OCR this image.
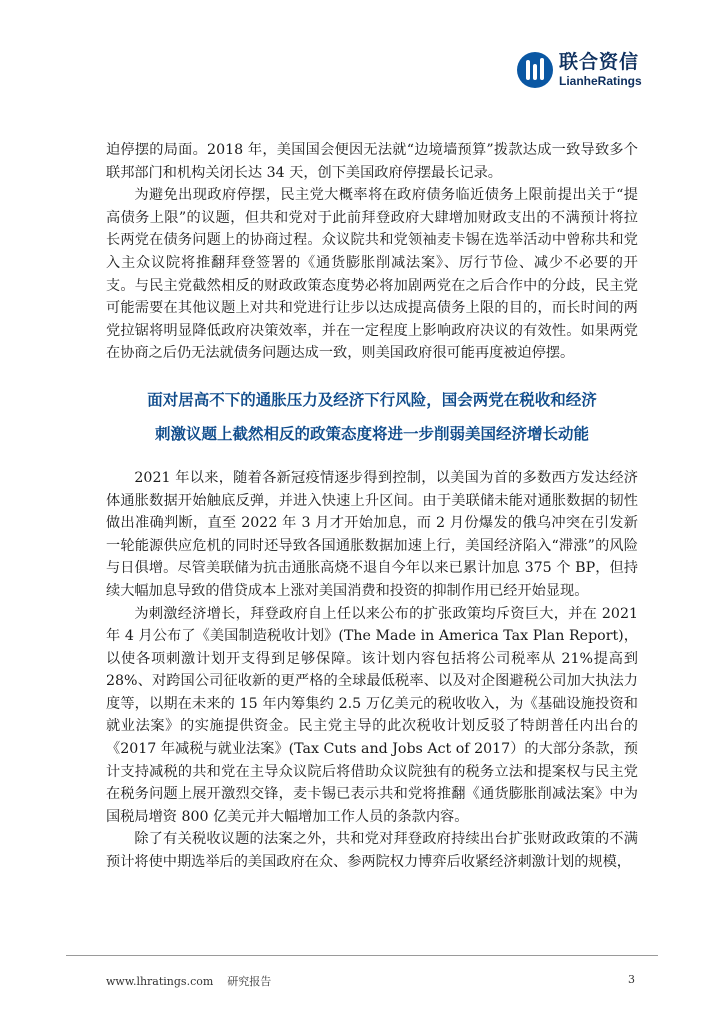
联合资信
LianheRatings

迫停摆的局面。2018 年，美国国会便因无法就“边境墙预算”拨款达成一致导致多个联邦部门和机构关闭长达 34 天，创下美国政府停摆最长记录。

为避免出现政府停摆，民主党大概率将在政府债务临近债务上限前提出关于“提高债务上限”的议题，但共和党对于此前拜登政府大肆增加财政支出的不满预计将拉长两党在债务问题上的协商过程。众议院共和党领袖麦卡锡在选举活动中曾称共和党入主众议院将推翻拜登签署的《通货膨胀削减法案》、厉行节俭、减少不必要的开支。与民主党截然相反的财政政策态度势必将加剧两党在之后合作中的分歧，民主党可能需要在其他议题上对共和党进行让步以达成提高债务上限的目的，而长时间的两党拉锯将明显降低政府决策效率，并在一定程度上影响政府决议的有效性。如果两党在协商之后仍无法就债务问题达成一致，则美国政府很可能再度被迫停摆。

面对居高不下的通胀压力及经济下行风险，国会两党在税收和经济
刺激议题上截然相反的政策态度将进一步削弱美国经济增长动能

2021 年以来，随着各新冠疫情逐步得到控制，以美国为首的多数西方发达经济体通胀数据开始触底反弹，并进入快速上升区间。由于美联储未能对通胀数据的韧性做出准确判断，直至 2022 年 3 月才开始加息，而 2 月份爆发的俄乌冲突在引发新一轮能源供应危机的同时还导致各国通胀数据加速上行，美国经济陷入“滞涨”的风险与日俱增。尽管美联储为抗击通胀高烧不退自今年以来已累计加息 375 个 BP，但持续大幅加息导致的借贷成本上涨对美国消费和投资的抑制作用已经开始显现。

为刺激经济增长，拜登政府自上任以来公布的扩张政策均斥资巨大，并在 2021 年 4 月公布了《美国制造税收计划》(The Made in America Tax Plan Report)，以使各项刺激计划开支得到足够保障。该计划内容包括将公司税率从 21%提高到 28%、对跨国公司征收新的更严格的全球最低税率、以及对企图避税公司加大执法力度等，以期在未来的 15 年内筹集约 2.5 万亿美元的税收收入，为《基础设施投资和就业法案》的实施提供资金。民主党主导的此次税收计划反驳了特朗普任内出台的《2017 年减税与就业法案》(Tax Cuts and Jobs Act of 2017）的大部分条款，预计支持减税的共和党在主导众议院后将借助众议院独有的税务立法和提案权与民主党在税务问题上展开激烈交锋，麦卡锡已表示共和党将推翻《通货膨胀削减法案》中为国税局增资 800 亿美元并大幅增加工作人员的条款内容。

除了有关税收议题的法案之外，共和党对拜登政府持续出台扩张财政政策的不满预计将使中期选举后的美国政府在众、参两院权力博弈后收紧经济刺激计划的规模，

www.lhratings.com 研究报告	3
